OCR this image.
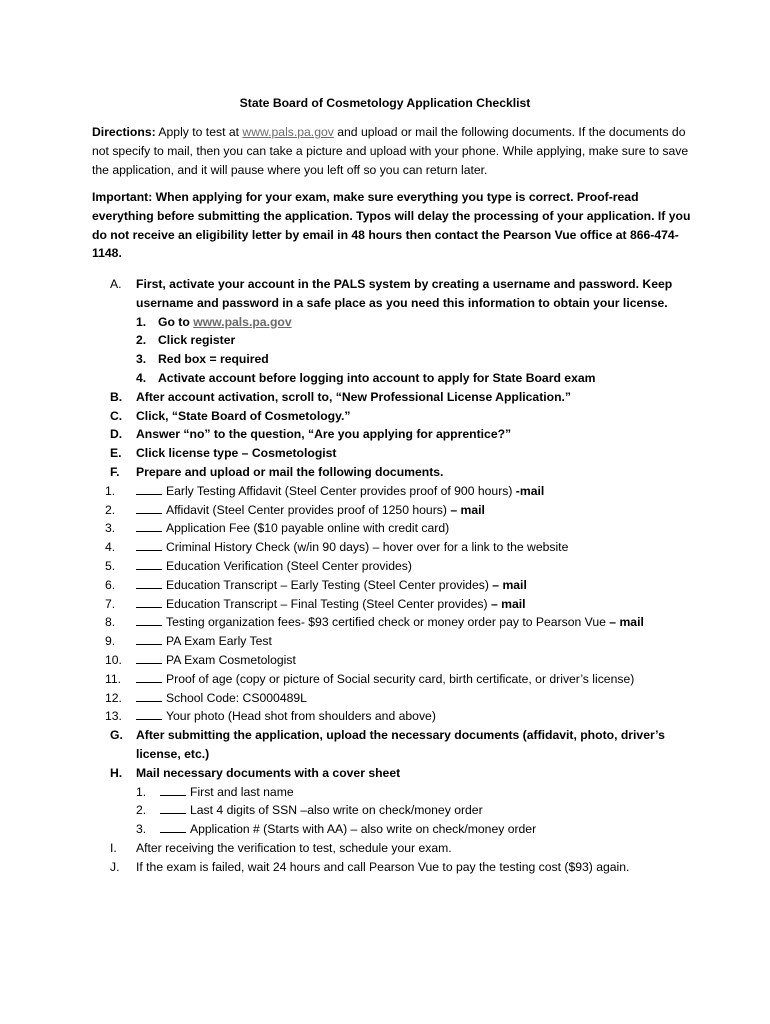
State Board of Cosmetology Application Checklist
Directions: Apply to test at www.pals.pa.gov and upload or mail the following documents. If the documents do not specify to mail, then you can take a picture and upload with your phone. While applying, make sure to save the application, and it will pause where you left off so you can return later.
Important: When applying for your exam, make sure everything you type is correct. Proof-read everything before submitting the application. Typos will delay the processing of your application. If you do not receive an eligibility letter by email in 48 hours then contact the Pearson Vue office at 866-474-1148.
A.	First, activate your account in the PALS system by creating a username and password. Keep username and password in a safe place as you need this information to obtain your license.
1. Go to www.pals.pa.gov
2. Click register
3. Red box = required
4. Activate account before logging into account to apply for State Board exam
B.	After account activation, scroll to, “New Professional License Application.”
C.	Click, “State Board of Cosmetology.”
D.	Answer “no” to the question, “Are you applying for apprentice?”
E.	Click license type – Cosmetologist
F.	Prepare and upload or mail the following documents.
1.	Early Testing Affidavit (Steel Center provides proof of 900 hours) -mail
2.	Affidavit (Steel Center provides proof of 1250 hours) – mail
3.	Application Fee ($10 payable online with credit card)
4.	Criminal History Check (w/in 90 days) – hover over for a link to the website
5.	Education Verification (Steel Center provides)
6.	Education Transcript – Early Testing (Steel Center provides) – mail
7.	Education Transcript – Final Testing (Steel Center provides) – mail
8.	Testing organization fees- $93 certified check or money order pay to Pearson Vue – mail
9.	PA Exam Early Test
10.	PA Exam Cosmetologist
11.	Proof of age (copy or picture of Social security card, birth certificate, or driver’s license)
12.	School Code: CS000489L
13.	Your photo (Head shot from shoulders and above)
G.	After submitting the application, upload the necessary documents (affidavit, photo, driver’s license, etc.)
H.	Mail necessary documents with a cover sheet
1.	First and last name
2.	Last 4 digits of SSN –also write on check/money order
3.	Application # (Starts with AA) – also write on check/money order
I.	After receiving the verification to test, schedule your exam.
J.	If the exam is failed, wait 24 hours and call Pearson Vue to pay the testing cost ($93) again.
